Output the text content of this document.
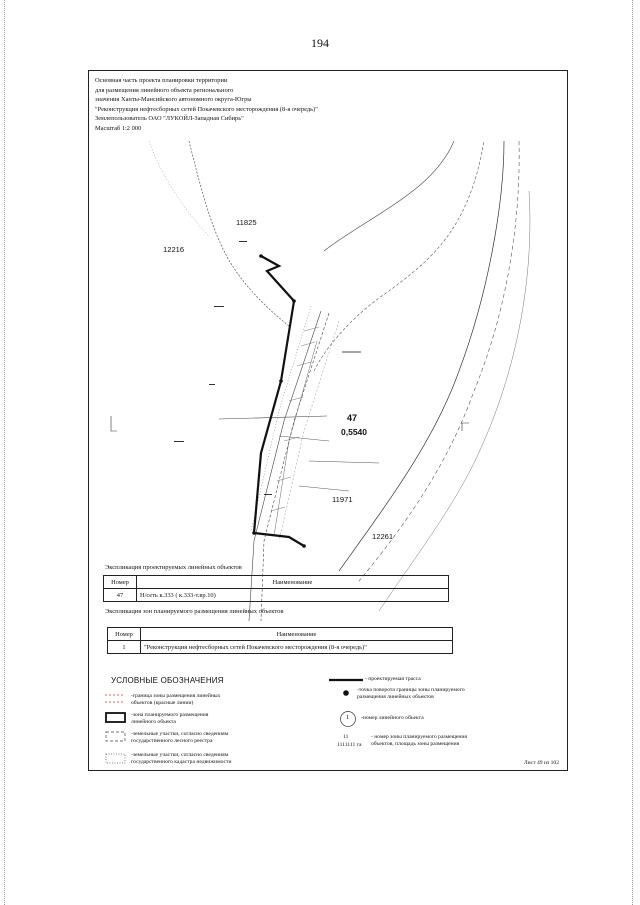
194
Основная часть проекта планировки территории
для размещения линейного объекта регионального
значения Ханты-Мансийского автономного округа-Югры
"Реконструкция нефтесборных сетей Покачевского месторождения (8-я очередь)"
Землепользователь ОАО "ЛУКОЙЛ-Западная Сибирь"
Масштаб 1:2 000
11825
12216
11971
12261
47
0,5540
Экспликация проектируемых линейных объектов
Номер	Наименование
47	Н/сеть к.333 ( к.333-т.вр.10)
Экспликация зон планируемого размещения линейных объектов
Номер	Наименование
1	"Реконструкция нефтесборных сетей Покачевского месторождения (8-я очередь)"
УСЛОВНЫЕ ОБОЗНАЧЕНИЯ
-граница зоны размещения линейных
объектов (красные линии)
-зона планируемого размещения
линейного объекта
-земельные участки, согласно сведениям
государственного лесного реестра
-земельные участки, согласно сведениям
государственного кадастра недвижимости
- проектируемая трасса
-точка поворота границы зоны планируемого
размещения линейных объектов
1 -номер линейного объекта
11
1111111 га
- номер зоны планируемого размещения
объектов, площадь зоны размещения
Лист 49 из 102
